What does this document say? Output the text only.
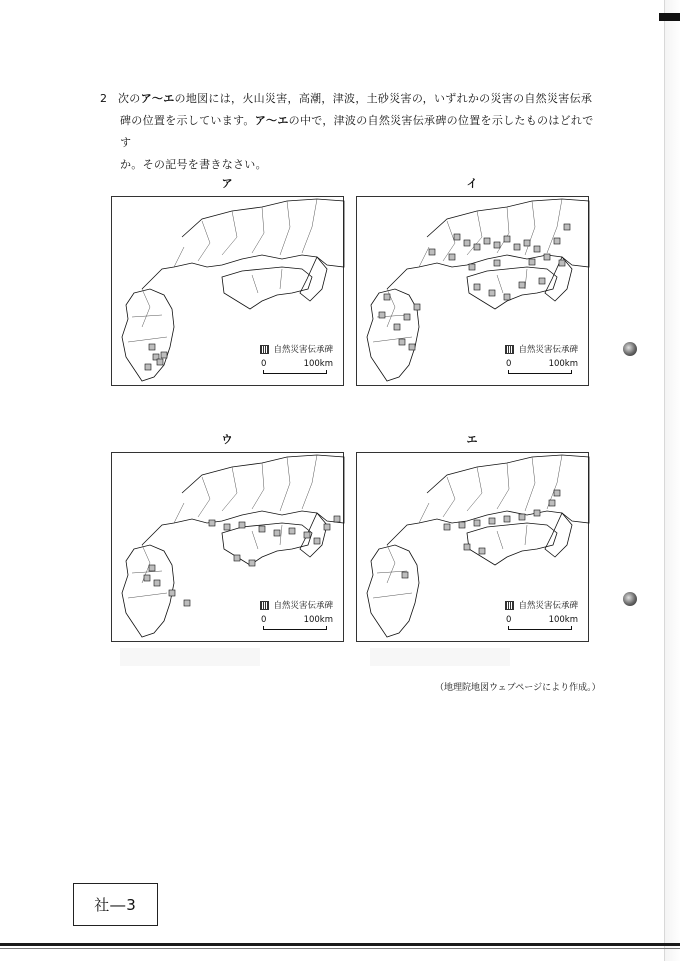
2 次のア～エの地図には，火山災害，高潮，津波，土砂災害の，いずれかの災害の自然災害伝承
碑の位置を示しています。ア～エの中で，津波の自然災害伝承碑の位置を示したものはどれです
か。その記号を書きなさい。
ア	イ
ウ	エ
自然災害伝承碑
0	100km
自然災害伝承碑
0	100km
自然災害伝承碑
0	100km
自然災害伝承碑
0	100km
（地理院地図ウェブページにより作成。）
社―3
